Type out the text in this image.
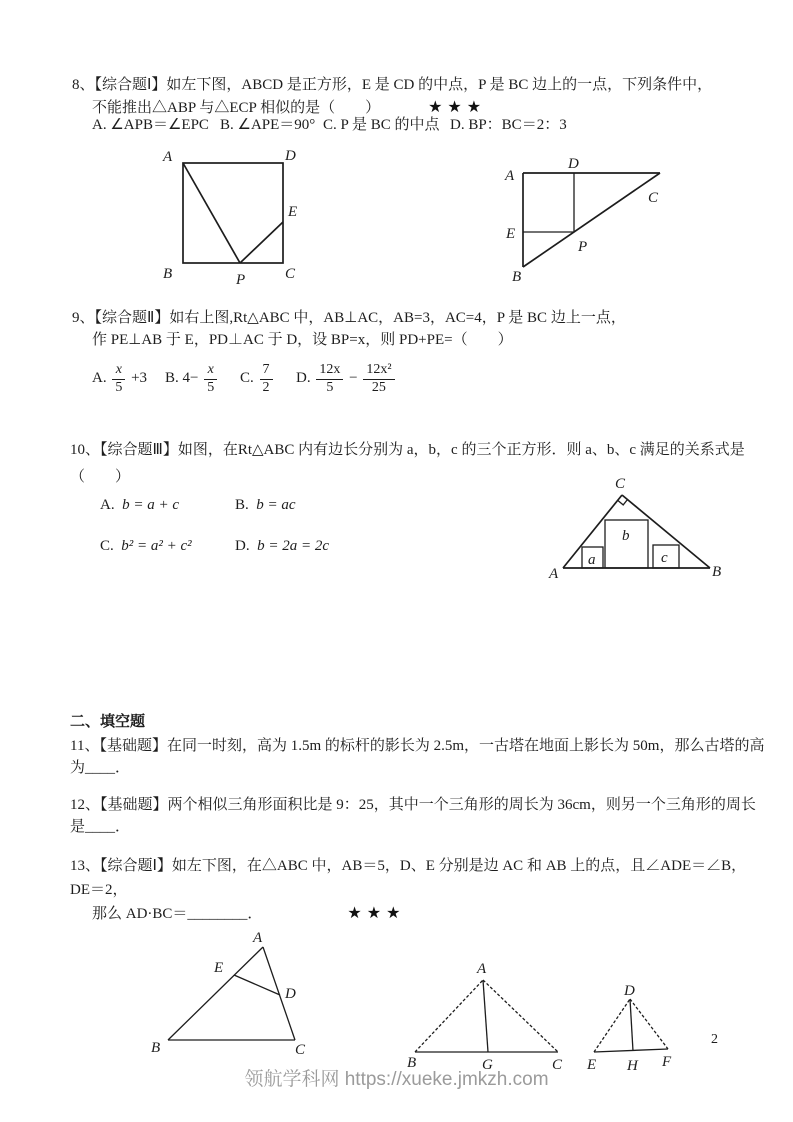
8、【综合题Ⅰ】如左下图，ABCD 是正方形，E 是 CD 的中点，P 是 BC 边上的一点，下列条件中，
不能推出△ABP 与△ECP 相似的是（　　）	★★★
A. ∠APB＝∠EPC B. ∠APE＝90° C. P 是 BC 的中点 D. BP：BC＝2：3
A	D
E
B	P	C
A
D
C
E
P
B
9、【综合题Ⅱ】如右上图,Rt△ABC 中，AB⊥AC，AB=3，AC=4，P 是 BC 边上一点，
作 PE⊥AB 于 E，PD⊥AC 于 D，设 BP=x，则 PD+PE=（　　）
A. $\frac{x}{5} +3$	B. $4- \frac{x}{5} C$. $\frac{7}{2} D$. $\frac{12x}{5} - \frac{\text{12x²}}{25}$
10、【综合题Ⅲ】如图，在Rt△ABC 内有边长分别为 a，b，c 的三个正方形．则 a、b、c 满足的关系式是
（　　）
A. b = a + c	B. b = ac
C. b² = a² + c²	D. b = 2a = 2c
C
A	B
a
b
c
二、填空题
11、【基础题】在同一时刻，高为 1.5m 的标杆的影长为 2.5m，一古塔在地面上影长为 50m，那么古塔的高
为____．
12、【基础题】两个相似三角形面积比是 9：25，其中一个三角形的周长为 36cm，则另一个三角形的周长
是____．
13、【综合题Ⅰ】如左下图，在△ABC 中，AB＝5，D、E 分别是边 AC 和 AB 上的点，且∠ADE＝∠B，
DE＝2，
那么 AD·BC＝________．	★★★
A
E
D
B	C
A
B	G	C
D
E H F
2
领航学科网 https://xueke.jmkzh.com
